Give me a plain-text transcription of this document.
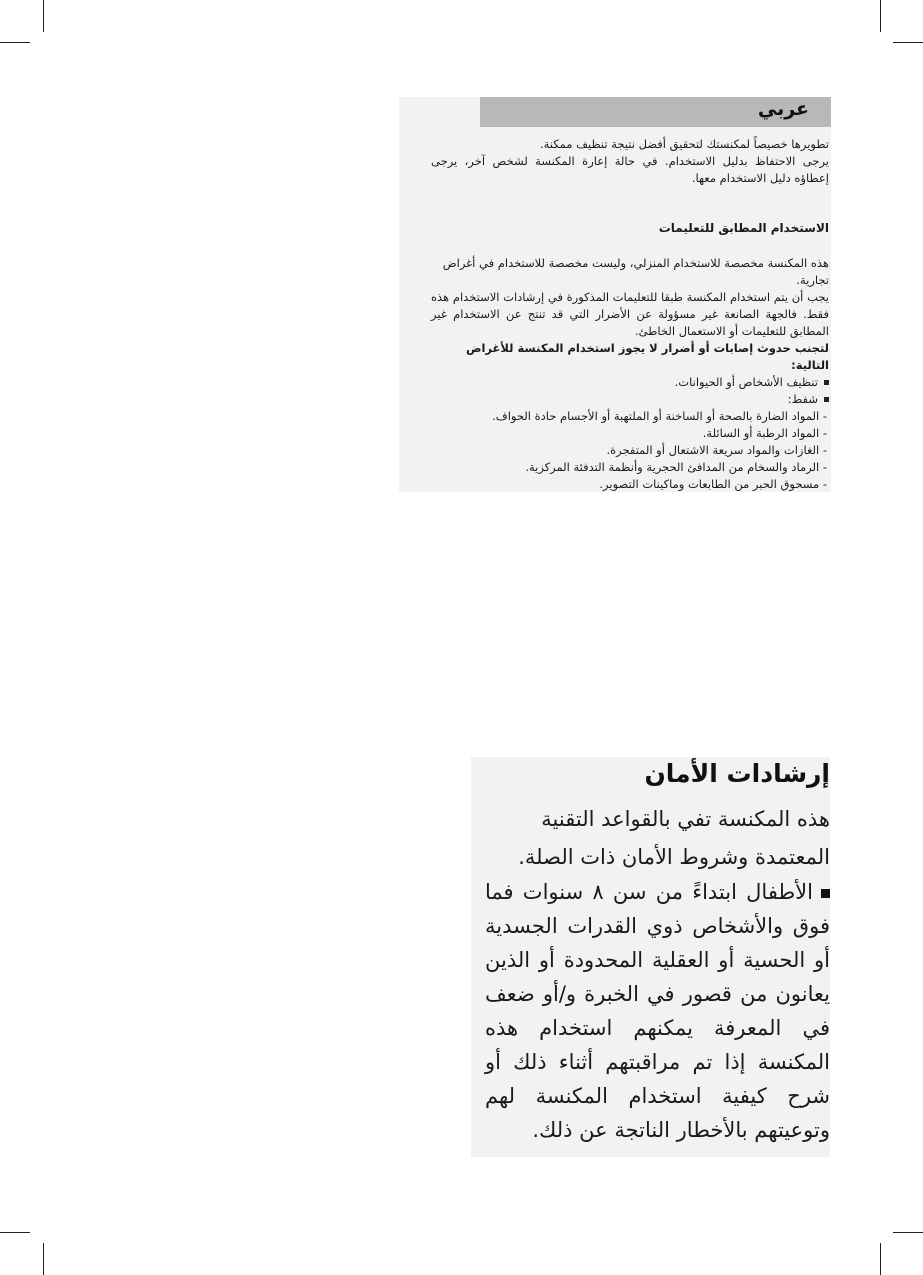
عربي

تطويرها خصيصاً لمكنستك لتحقيق أفضل نتيجة تنظيف ممكنة.

يرجى الاحتفاظ بدليل الاستخدام. في حالة إعارة المكنسة لشخص آخر، يرجى إعطاؤه دليل الاستخدام معها.

الاستخدام المطابق للتعليمات

هذه المكنسة مخصصة للاستخدام المنزلي، وليست مخصصة للاستخدام في أغراض تجارية.

يجب أن يتم استخدام المكنسة طبقا للتعليمات المذكورة في إرشادات الاستخدام هذه فقط. فالجهة الصانعة غير مسؤولة عن الأضرار التي قد تنتج عن الاستخدام غير المطابق للتعليمات أو الاستعمال الخاطئ.

لتجنب حدوث إصابات أو أضرار لا يجوز استخدام المكنسة للأغراض التالية:

تنظيف الأشخاص أو الحيوانات.

شفط:

- المواد الضارة بالصحة أو الساخنة أو الملتهبة أو الأجسام حادة الحواف.

- المواد الرطبة أو السائلة.

- الغازات والمواد سريعة الاشتعال أو المتفجرة.

- الرماد والسخام من المدافئ الحجرية وأنظمة التدفئة المركزية.

- مسحوق الحبر من الطابعات وماكينات التصوير.

إرشادات الأمان
هذه المكنسة تفي بالقواعد التقنية المعتمدة وشروط الأمان ذات الصلة.
الأطفال ابتداءً من سن ٨ سنوات فما فوق والأشخاص ذوي القدرات الجسدية أو الحسية أو العقلية المحدودة أو الذين يعانون من قصور في الخبرة و/أو ضعف في المعرفة يمكنهم استخدام هذه المكنسة إذا تم مراقبتهم أثناء ذلك أو شرح كيفية استخدام المكنسة لهم وتوعيتهم بالأخطار الناتجة عن ذلك.
